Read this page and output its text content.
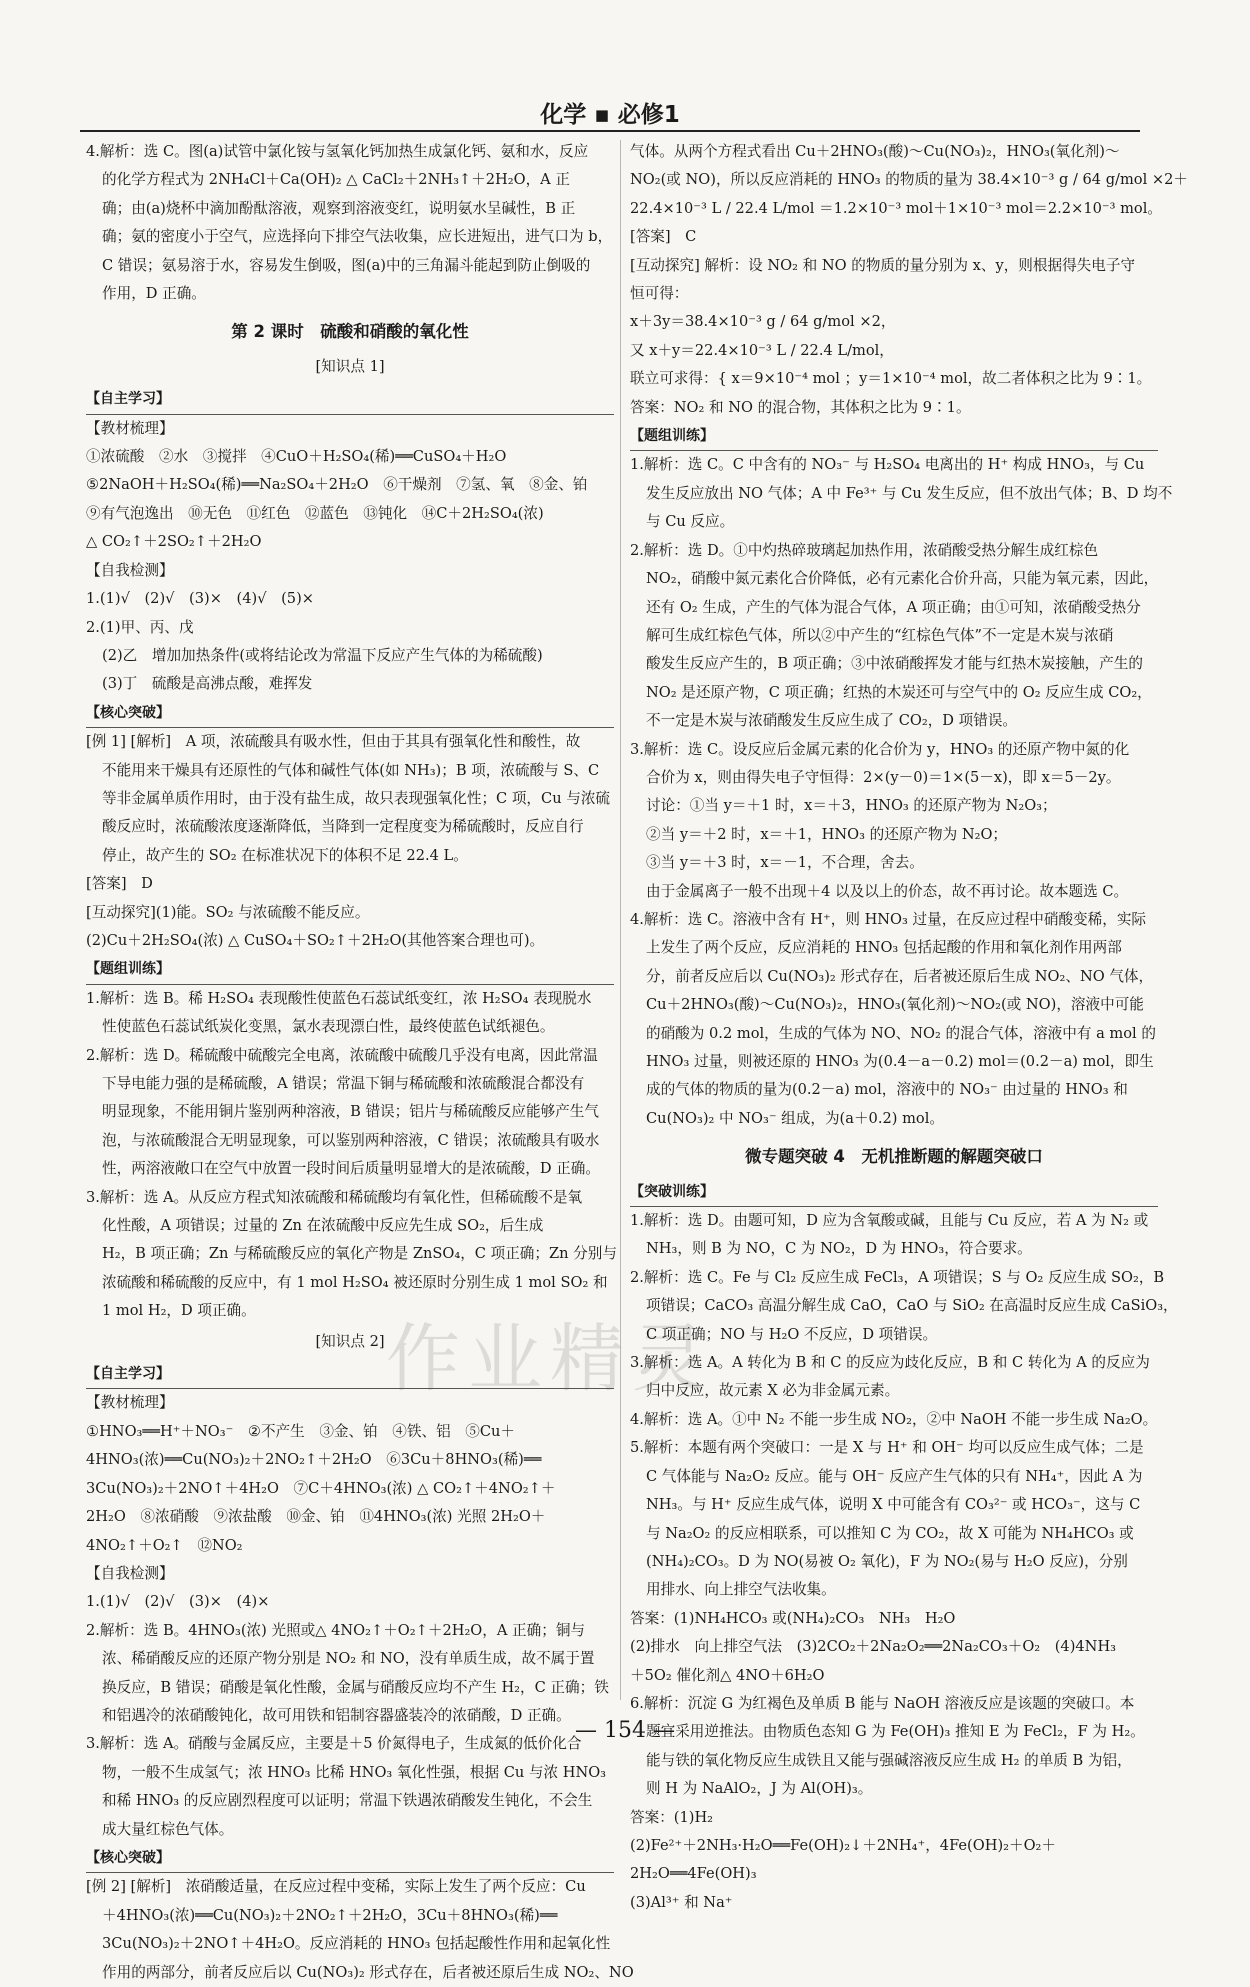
化学 ▪ 必修1
作业精灵
4.解析：选 C。图(a)试管中氯化铵与氢氧化钙加热生成氯化钙、氨和水，反应
的化学方程式为 2NH₄Cl＋Ca(OH)₂ △ CaCl₂＋2NH₃↑＋2H₂O，A 正
确；由(a)烧杯中滴加酚酞溶液，观察到溶液变红，说明氨水呈碱性，B 正
确；氨的密度小于空气，应选择向下排空气法收集，应长进短出，进气口为 b，
C 错误；氨易溶于水，容易发生倒吸，图(a)中的三角漏斗能起到防止倒吸的
作用，D 正确。
第 2 课时　硫酸和硝酸的氧化性
[知识点 1]
【自主学习】
【教材梳理】
①浓硫酸　②水　③搅拌　④CuO＋H₂SO₄(稀)══CuSO₄＋H₂O
⑤2NaOH＋H₂SO₄(稀)══Na₂SO₄＋2H₂O　⑥干燥剂　⑦氢、氧　⑧金、铂
⑨有气泡逸出　⑩无色　⑪红色　⑫蓝色　⑬钝化　⑭C＋2H₂SO₄(浓)
△ CO₂↑＋2SO₂↑＋2H₂O
【自我检测】
1.(1)√　(2)√　(3)×　(4)√　(5)×
2.(1)甲、丙、戊
(2)乙　增加加热条件(或将结论改为常温下反应产生气体的为稀硫酸)
(3)丁　硫酸是高沸点酸，难挥发
【核心突破】
[例 1] [解析]　A 项，浓硫酸具有吸水性，但由于其具有强氧化性和酸性，故
不能用来干燥具有还原性的气体和碱性气体(如 NH₃)；B 项，浓硫酸与 S、C
等非金属单质作用时，由于没有盐生成，故只表现强氧化性；C 项，Cu 与浓硫
酸反应时，浓硫酸浓度逐渐降低，当降到一定程度变为稀硫酸时，反应自行
停止，故产生的 SO₂ 在标准状况下的体积不足 22.4 L。
[答案]　D
[互动探究](1)能。SO₂ 与浓硫酸不能反应。
(2)Cu＋2H₂SO₄(浓) △ CuSO₄＋SO₂↑＋2H₂O(其他答案合理也可)。
【题组训练】
1.解析：选 B。稀 H₂SO₄ 表现酸性使蓝色石蕊试纸变红，浓 H₂SO₄ 表现脱水
性使蓝色石蕊试纸炭化变黑，氯水表现漂白性，最终使蓝色试纸褪色。
2.解析：选 D。稀硫酸中硫酸完全电离，浓硫酸中硫酸几乎没有电离，因此常温
下导电能力强的是稀硫酸，A 错误；常温下铜与稀硫酸和浓硫酸混合都没有
明显现象，不能用铜片鉴别两种溶液，B 错误；铝片与稀硫酸反应能够产生气
泡，与浓硫酸混合无明显现象，可以鉴别两种溶液，C 错误；浓硫酸具有吸水
性，两溶液敞口在空气中放置一段时间后质量明显增大的是浓硫酸，D 正确。
3.解析：选 A。从反应方程式知浓硫酸和稀硫酸均有氧化性，但稀硫酸不是氧
化性酸，A 项错误；过量的 Zn 在浓硫酸中反应先生成 SO₂，后生成
H₂，B 项正确；Zn 与稀硫酸反应的氧化产物是 ZnSO₄，C 项正确；Zn 分别与
浓硫酸和稀硫酸的反应中，有 1 mol H₂SO₄ 被还原时分别生成 1 mol SO₂ 和
1 mol H₂，D 项正确。
[知识点 2]
【自主学习】
【教材梳理】
①HNO₃══H⁺＋NO₃⁻　②不产生　③金、铂　④铁、铝　⑤Cu＋
4HNO₃(浓)══Cu(NO₃)₂＋2NO₂↑＋2H₂O　⑥3Cu＋8HNO₃(稀)══
3Cu(NO₃)₂＋2NO↑＋4H₂O　⑦C＋4HNO₃(浓) △ CO₂↑＋4NO₂↑＋
2H₂O　⑧浓硝酸　⑨浓盐酸　⑩金、铂　⑪4HNO₃(浓) 光照 2H₂O＋
4NO₂↑＋O₂↑　⑫NO₂
【自我检测】
1.(1)√　(2)√　(3)×　(4)×
2.解析：选 B。4HNO₃(浓) 光照或△ 4NO₂↑＋O₂↑＋2H₂O，A 正确；铜与
浓、稀硝酸反应的还原产物分别是 NO₂ 和 NO，没有单质生成，故不属于置
换反应，B 错误；硝酸是氧化性酸，金属与硝酸反应均不产生 H₂，C 正确；铁
和铝遇冷的浓硝酸钝化，故可用铁和铝制容器盛装冷的浓硝酸，D 正确。
3.解析：选 A。硝酸与金属反应，主要是＋5 价氮得电子，生成氮的低价化合
物，一般不生成氢气；浓 HNO₃ 比稀 HNO₃ 氧化性强，根据 Cu 与浓 HNO₃
和稀 HNO₃ 的反应剧烈程度可以证明；常温下铁遇浓硝酸发生钝化，不会生
成大量红棕色气体。
【核心突破】
[例 2] [解析]　浓硝酸适量，在反应过程中变稀，实际上发生了两个反应：Cu
＋4HNO₃(浓)══Cu(NO₃)₂＋2NO₂↑＋2H₂O，3Cu＋8HNO₃(稀)══
3Cu(NO₃)₂＋2NO↑＋4H₂O。反应消耗的 HNO₃ 包括起酸性作用和起氧化性
作用的两部分，前者反应后以 Cu(NO₃)₂ 形式存在，后者被还原后生成 NO₂、NO
气体。从两个方程式看出 Cu＋2HNO₃(酸)～Cu(NO₃)₂，HNO₃(氧化剂)～
NO₂(或 NO)，所以反应消耗的 HNO₃ 的物质的量为 38.4×10⁻³ g / 64 g/mol ×2＋
22.4×10⁻³ L / 22.4 L/mol ＝1.2×10⁻³ mol＋1×10⁻³ mol＝2.2×10⁻³ mol。
[答案]　C
[互动探究] 解析：设 NO₂ 和 NO 的物质的量分别为 x、y，则根据得失电子守
恒可得：
x＋3y＝38.4×10⁻³ g / 64 g/mol ×2，
又 x＋y＝22.4×10⁻³ L / 22.4 L/mol，
联立可求得：{ x＝9×10⁻⁴ mol ；y＝1×10⁻⁴ mol，故二者体积之比为 9∶1。
答案：NO₂ 和 NO 的混合物，其体积之比为 9∶1。
【题组训练】
1.解析：选 C。C 中含有的 NO₃⁻ 与 H₂SO₄ 电离出的 H⁺ 构成 HNO₃，与 Cu
发生反应放出 NO 气体；A 中 Fe³⁺ 与 Cu 发生反应，但不放出气体；B、D 均不
与 Cu 反应。
2.解析：选 D。①中灼热碎玻璃起加热作用，浓硝酸受热分解生成红棕色
NO₂，硝酸中氮元素化合价降低，必有元素化合价升高，只能为氧元素，因此，
还有 O₂ 生成，产生的气体为混合气体，A 项正确；由①可知，浓硝酸受热分
解可生成红棕色气体，所以②中产生的“红棕色气体”不一定是木炭与浓硝
酸发生反应产生的，B 项正确；③中浓硝酸挥发才能与红热木炭接触，产生的
NO₂ 是还原产物，C 项正确；红热的木炭还可与空气中的 O₂ 反应生成 CO₂，
不一定是木炭与浓硝酸发生反应生成了 CO₂，D 项错误。
3.解析：选 C。设反应后金属元素的化合价为 y，HNO₃ 的还原产物中氮的化
合价为 x，则由得失电子守恒得：2×(y－0)＝1×(5－x)，即 x＝5－2y。
讨论：①当 y＝＋1 时，x＝＋3，HNO₃ 的还原产物为 N₂O₃；
②当 y＝＋2 时，x＝＋1，HNO₃ 的还原产物为 N₂O；
③当 y＝＋3 时，x＝－1，不合理，舍去。
由于金属离子一般不出现＋4 以及以上的价态，故不再讨论。故本题选 C。
4.解析：选 C。溶液中含有 H⁺，则 HNO₃ 过量，在反应过程中硝酸变稀，实际
上发生了两个反应，反应消耗的 HNO₃ 包括起酸的作用和氧化剂作用两部
分，前者反应后以 Cu(NO₃)₂ 形式存在，后者被还原后生成 NO₂、NO 气体，
Cu＋2HNO₃(酸)～Cu(NO₃)₂，HNO₃(氧化剂)～NO₂(或 NO)，溶液中可能
的硝酸为 0.2 mol，生成的气体为 NO、NO₂ 的混合气体，溶液中有 a mol 的
HNO₃ 过量，则被还原的 HNO₃ 为(0.4－a－0.2) mol＝(0.2－a) mol，即生
成的气体的物质的量为(0.2－a) mol，溶液中的 NO₃⁻ 由过量的 HNO₃ 和
Cu(NO₃)₂ 中 NO₃⁻ 组成，为(a＋0.2) mol。
微专题突破 4　无机推断题的解题突破口
【突破训练】
1.解析：选 D。由题可知，D 应为含氧酸或碱，且能与 Cu 反应，若 A 为 N₂ 或
NH₃，则 B 为 NO，C 为 NO₂，D 为 HNO₃，符合要求。
2.解析：选 C。Fe 与 Cl₂ 反应生成 FeCl₃，A 项错误；S 与 O₂ 反应生成 SO₂，B
项错误；CaCO₃ 高温分解生成 CaO，CaO 与 SiO₂ 在高温时反应生成 CaSiO₃，
C 项正确；NO 与 H₂O 不反应，D 项错误。
3.解析：选 A。A 转化为 B 和 C 的反应为歧化反应，B 和 C 转化为 A 的反应为
归中反应，故元素 X 必为非金属元素。
4.解析：选 A。①中 N₂ 不能一步生成 NO₂，②中 NaOH 不能一步生成 Na₂O。
5.解析：本题有两个突破口：一是 X 与 H⁺ 和 OH⁻ 均可以反应生成气体；二是
C 气体能与 Na₂O₂ 反应。能与 OH⁻ 反应产生气体的只有 NH₄⁺，因此 A 为
NH₃。与 H⁺ 反应生成气体，说明 X 中可能含有 CO₃²⁻ 或 HCO₃⁻，这与 C
与 Na₂O₂ 的反应相联系，可以推知 C 为 CO₂，故 X 可能为 NH₄HCO₃ 或
(NH₄)₂CO₃。D 为 NO(易被 O₂ 氧化)，F 为 NO₂(易与 H₂O 反应)，分别
用排水、向上排空气法收集。
答案：(1)NH₄HCO₃ 或(NH₄)₂CO₃　NH₃　H₂O
(2)排水　向上排空气法　(3)2CO₂＋2Na₂O₂══2Na₂CO₃＋O₂　(4)4NH₃
＋5O₂ 催化剂△ 4NO＋6H₂O
6.解析：沉淀 G 为红褐色及单质 B 能与 NaOH 溶液反应是该题的突破口。本
题宜采用逆推法。由物质色态知 G 为 Fe(OH)₃ 推知 E 为 FeCl₂，F 为 H₂。
能与铁的氧化物反应生成铁且又能与强碱溶液反应生成 H₂ 的单质 B 为铝，
则 H 为 NaAlO₂，J 为 Al(OH)₃。
答案：(1)H₂
(2)Fe²⁺＋2NH₃·H₂O══Fe(OH)₂↓＋2NH₄⁺，4Fe(OH)₂＋O₂＋
2H₂O══4Fe(OH)₃
(3)Al³⁺ 和 Na⁺
— 154 —
